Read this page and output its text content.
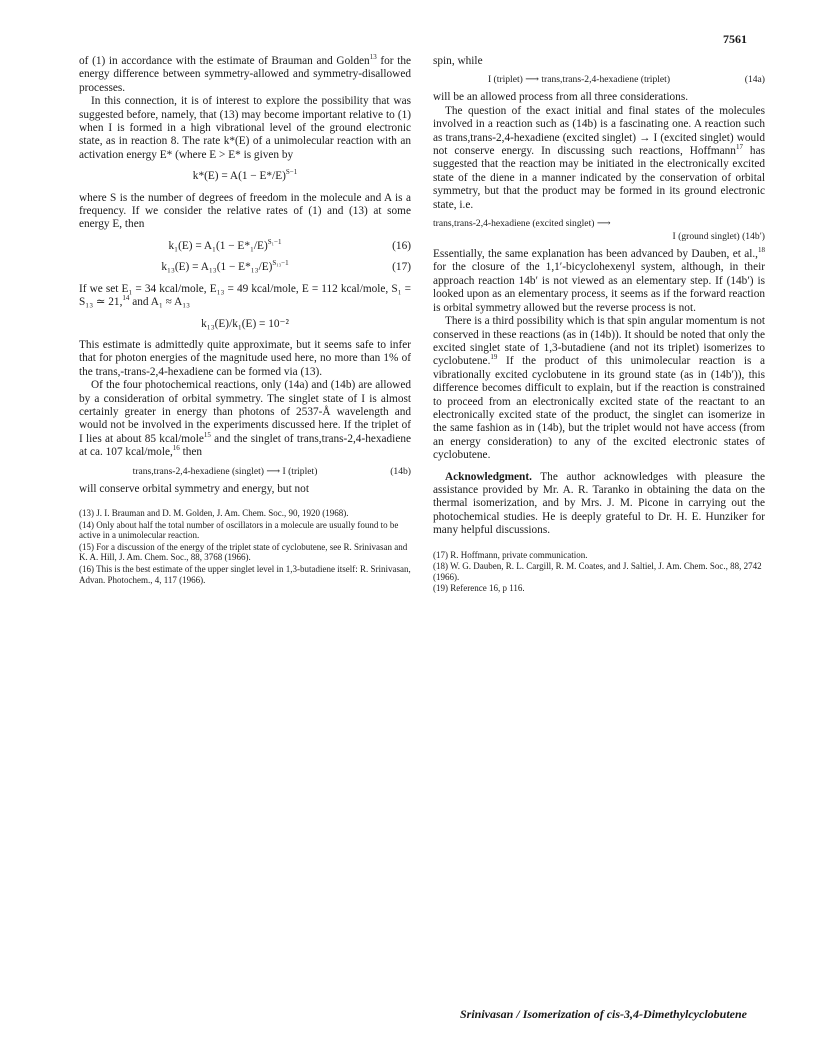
7561

of (1) in accordance with the estimate of Brauman and Golden$^{13}$ for the energy difference between symmetry-allowed and symmetry-disallowed processes.

In this connection, it is of interest to explore the possibility that was suggested before, namely, that (13) may become important relative to (1) when I is formed in a high vibrational level of the ground electronic state, as in reaction 8. The rate k*(E) of a unimolecular reaction with an activation energy E* (where E > E* is given by

$k*(E) = A(1 - E*/E)^{S-1}$

where S is the number of degrees of freedom in the molecule and A is a frequency. If we consider the relative rates of (1) and (13) at some energy E, then

$k_1(E) = A_1(1 - E*_1/E)^{S_1-1}$	(16)
$k_{13}(E) = A_{13}(1 - E*_{13}/E)^{S_{13}-1}$	(17)

If we set E₁ = 34 kcal/mole, E₁₃ = 49 kcal/mole, E = 112 kcal/mole, S₁ = S₁₃ ≃ 21,14 and A₁ ≈ A₁₃

k₁₃(E)/k₁(E) = 10⁻²

This estimate is admittedly quite approximate, but it seems safe to infer that for photon energies of the magnitude used here, no more than 1% of the trans,-trans-2,4-hexadiene can be formed via (13).

Of the four photochemical reactions, only (14a) and (14b) are allowed by a consideration of orbital symmetry. The singlet state of I is almost certainly greater in energy than photons of 2537-Å wavelength and would not be involved in the experiments discussed here. If the triplet of I lies at about 85 kcal/mole$^{15}$ and the singlet of trans,trans-2,4-hexadiene at ca. 107 kcal/mole,$^{16}$ then

trans,trans-2,4-hexadiene (singlet) ⟶ I (triplet)	(14b)

will conserve orbital symmetry and energy, but not

(13) J. I. Brauman and D. M. Golden, J. Am. Chem. Soc., 90, 1920 (1968).
(14) Only about half the total number of oscillators in a molecule are usually found to be active in a unimolecular reaction.
(15) For a discussion of the energy of the triplet state of cyclobutene, see R. Srinivasan and K. A. Hill, J. Am. Chem. Soc., 88, 3768 (1966).
(16) This is the best estimate of the upper singlet level in 1,3-butadiene itself: R. Srinivasan, Advan. Photochem., 4, 117 (1966).

spin, while

I (triplet) ⟶ trans,trans-2,4-hexadiene (triplet)	(14a)

will be an allowed process from all three considerations.

The question of the exact initial and final states of the molecules involved in a reaction such as (14b) is a fascinating one. A reaction such as trans,trans-2,4-hexadiene (excited singlet) → I (excited singlet) would not conserve energy. In discussing such reactions, Hoffmann$^{17}$ has suggested that the reaction may be initiated in the electronically excited state of the diene in a manner indicated by the conservation of orbital symmetry, but that the product may be formed in its ground electronic state, i.e.

trans,trans-2,4-hexadiene (excited singlet) ⟶
I (ground singlet) (14b′)

Essentially, the same explanation has been advanced by Dauben, et al.,$^{18}$ for the closure of the 1,1′-bicyclohexenyl system, although, in their approach reaction 14b′ is not viewed as an elementary step. If (14b′) is looked upon as an elementary process, it seems as if the forward reaction is orbital symmetry allowed but the reverse process is not.

There is a third possibility which is that spin angular momentum is not conserved in these reactions (as in (14b)). It should be noted that only the excited singlet state of 1,3-butadiene (and not its triplet) isomerizes to cyclobutene.$^{19}$ If the product of this unimolecular reaction is a vibrationally excited cyclobutene in its ground state (as in (14b′)), this difference becomes difficult to explain, but if the reaction is constrained to proceed from an electronically excited state of the reactant to an electronically excited state of the product, the singlet can isomerize in the same fashion as in (14b), but the triplet would not have access (from an energy consideration) to any of the excited electronic states of cyclobutene.

Acknowledgment. The author acknowledges with pleasure the assistance provided by Mr. A. R. Taranko in obtaining the data on the thermal isomerization, and by Mrs. J. M. Picone in carrying out the photochemical studies. He is deeply grateful to Dr. H. E. Hunziker for many helpful discussions.

(17) R. Hoffmann, private communication.
(18) W. G. Dauben, R. L. Cargill, R. M. Coates, and J. Saltiel, J. Am. Chem. Soc., 88, 2742 (1966).
(19) Reference 16, p 116.
Srinivasan / Isomerization of cis-3,4-Dimethylcyclobutene
